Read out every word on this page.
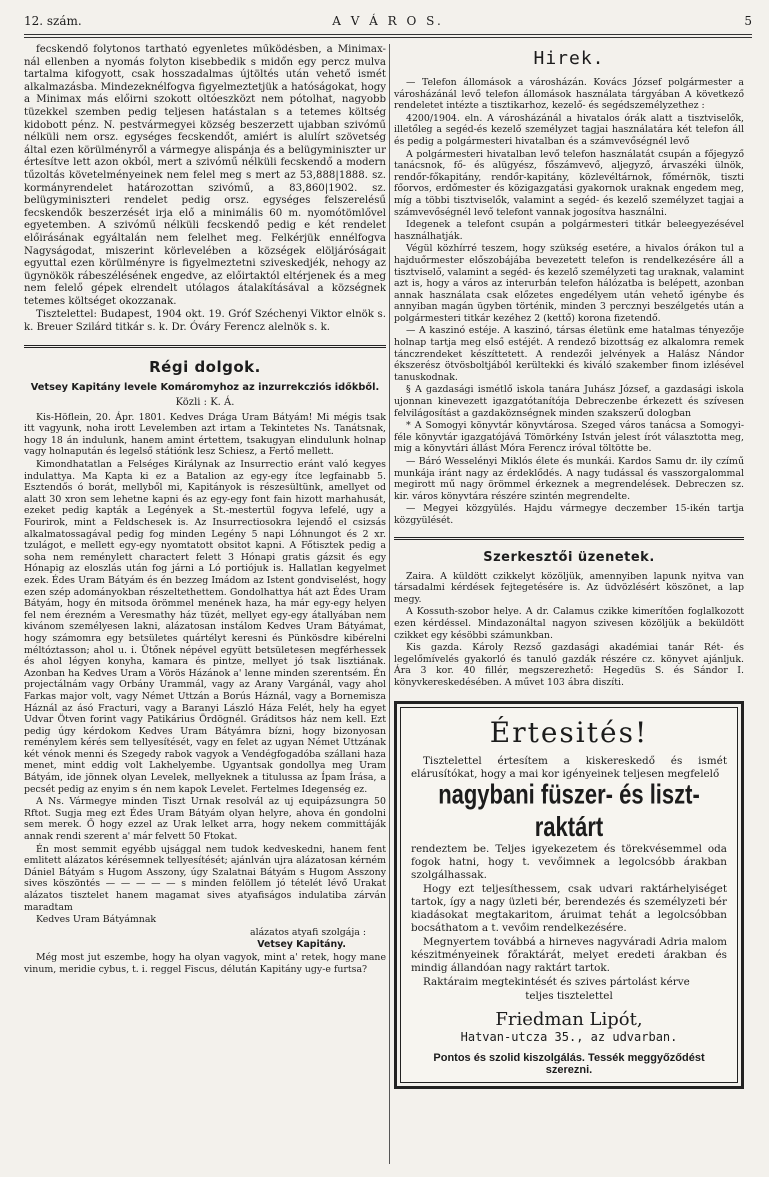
12. szám.	A V Á R O S.	5

fecskendő folytonos tartható egyenletes működésben, a Minimax-nál ellenben a nyomás folyton kisebbedik s midőn egy percz mulva tartalma kifogyott, csak hosszadalmas újtöltés után vehető ismét alkalmazásba. Mindezeknélfogva figyelmeztetjük a hatóságokat, hogy a Minimax más előirni szokott oltóeszközt nem pótolhat, nagyobb tüzekkel szemben pedig teljesen hatástalan s a tetemes költség kidobott pénz. N. pestvármegyei község beszerzett ujabban szivómű nélküli nem orsz. egységes fecskendőt, amiért is alulírt szövetség által ezen körülményről a vármegye alispánja és a belügyminiszter ur értesítve lett azon okból, mert a szivómű nélküli fecskendő a modern tűzoltás követelményeinek nem felel meg s mert az 53,888|1888. sz. kormányrendelet határozottan szivómű, a 83,860|1902. sz. belügyminiszteri rendelet pedig orsz. egységes felszerelésű fecskendők beszerzését irja elő a minimális 60 m. nyomótömlővel egyetemben. A szivómű nélküli fecskendő pedig e két rendelet előirásának egyáltalán nem felelhet meg. Felkérjük ennélfogva Nagyságodat, miszerint körlevelében a községek elöljáróságait egyuttal ezen körülményre is figyelmeztetni sziveskedjék, nehogy az ügynökök rábeszélésének engedve, az előirtaktól eltérjenek és a meg nem felelő gépek elrendelt utólagos átalakításával a községnek tetemes költséget okozzanak.

Tisztelettel: Budapest, 1904 okt. 19. Gróf Széchenyi Viktor elnök s. k. Breuer Szilárd titkár s. k. Dr. Óváry Ferencz alelnök s. k.

Régi dolgok.
Vetsey Kapitány levele Komáromyhoz az inzurrekcziós időkből.
Közli : K. Á.

Kis-Höflein, 20. Ápr. 1801. Kedves Drága Uram Bátyám! Mi mégis tsak itt vagyunk, noha irott Levelemben azt irtam a Tekintetes Ns. Tanátsnak, hogy 18 án indulunk, hanem amint értettem, tsakugyan elindulunk holnap vagy holnapután és legelső státiónk lesz Schiesz, a Fertő mellett.

Kimondhatatlan a Felséges Királynak az Insurrectio eránt való kegyes indulattya. Ma Kapta ki ez a Batalion az egy-egy ítce legfainabb 5. Esztendős ó borát, mellyből mi, Kapitányok is részesültünk, amellyet od alatt 30 xron sem lehetne kapni és az egy-egy font fain hizott marhahusát, ezeket pedig kapták a Legények a St.-mestertül fogyva lefelé, ugy a Fourirok, mint a Feldschesek is. Az Insurrectiosokra lejendő el csizsás alkalmatossagával pedig fog minden Legény 5 napi Lóhnungot és 2 xr. tzulágot, e mellett egy-egy nyomtatott obsitot kapni. A Főtisztek pedig a soha nem reménylett charactert felett 3 Hónapi gratis gázsit és egy Hónapig az eloszlás után fog járni a Ló portiójuk is. Hallatlan kegyelmet ezek. Édes Uram Bátyám és én bezzeg Imádom az Istent gondviselést, hogy ezen szép adományokban részeltethettem. Gondolhattya hát azt Édes Uram Bátyám, hogy én mitsoda örömmel menének haza, ha már egy-egy helyen fel nem érezném a Veresmathy ház tüzét, mellyet egy-egy átallyában nem kivánom személyesen lakni, alázatosan instálom Kedves Uram Bátyámat, hogy számomra egy betsületes quártélyt keresni és Pünkösdre kibérelni méltóztasson; ahol u. i. Ütőnek népével együtt betsületesen megférhessek és ahol légyen konyha, kamara és pintze, mellyet jó tsak lisztiának. Azonban ha Kedves Uram a Vörös Házánok a' lenne minden szerentsém. Én projectálnám vagy Orbány Urammál, vagy az Arany Vargánál, vagy ahol Farkas major volt, vagy Német Uttzán a Borús Háznál, vagy a Bornemisza Háznál az ásó Fracturi, vagy a Baranyi László Háza Felét, hely ha egyet Udvar Ötven forint vagy Patikárius Ördögnél. Gráditsos ház nem kell. Ezt pedig úgy kérdokom Kedves Uram Bátyámra bízni, hogy bizonyosan reménylem kérés sem tellyesítését, vagy en felet az ugyan Német Uttzának két vénok menni és Szegedy rabok vagyok a Vendégfogadóba szállani haza menet, mint eddig volt Lakhelyembe. Ugyantsak gondollya meg Uram Bátyám, ide jönnek olyan Levelek, mellyeknek a titulussa az Ípam Írása, a pecsét pedig az enyim s én nem kapok Levelet. Fertelmes Idegenség ez.

A Ns. Vármegye minden Tiszt Urnak resolvál az uj equipázsungra 50 Rftot. Sugja meg ezt Édes Uram Bátyám olyan helyre, ahova én gondolni sem merek. Ő hogy ezzel az Urak lelket arra, hogy nekem committáják annak rendi szerent a' már felvett 50 Ftokat.

Én most semmit egyébb ujsággal nem tudok kedveskedni, hanem fent emlitett alázatos kérésemnek tellyesítését; ajánlván ujra alázatosan kérném Dániel Bátyám s Hugom Asszony, úgy Szalatnai Bátyám s Hugom Asszony sives köszöntés — — — — — s minden felöllem jó tételét lévő Urakat alázatos tisztelet hanem magamat sives atyafiságos indulatiba zárván maradtam

Kedves Uram Bátyámnak

alázatos atyafi szolgája :

Vetsey Kapitány.

Még most jut eszembe, hogy ha olyan vagyok, mint a' retek, hogy mane vinum, meridie cybus, t. i. reggel Fiscus, délután Kapitány ugy-e furtsa?

Hirek.

— Telefon állomások a városházán. Kovács József polgármester a városházánál levő telefon állomások használata tárgyában A következő rendeletet intézte a tisztikarhoz, kezelő- és segédszemélyzethez :

4200/1904. eln. A városházánál a hivatalos órák alatt a tisztviselők, illetőleg a segéd-és kezelő személyzet tagjai használatára két telefon áll és pedig a polgármesteri hivatalban és a számvevőségnél levő

A polgármesteri hivatalban levő telefon használatát csupán a főjegyző tanácsnok, fő- és alügyész, főszámvevő, aljegyző, árvaszéki ülnök, rendőr-főkapitány, rendőr-kapitány, közlevéltárnok, főmérnök, tiszti főorvos, erdőmester és közigazgatási gyakornok uraknak engedem meg, míg a többi tisztviselők, valamint a segéd- és kezelő személyzet tagjai a számvevőségnél levő telefont vannak jogosítva használni.

Idegenek a telefont csupán a polgármesteri titkár beleegyezésével használhatják.

Végül közhírré teszem, hogy szükség esetére, a hivalos órákon tul a hajduőrmester előszobájába bevezetett telefon is rendelkezésére áll a tisztviselő, valamint a segéd- és kezelő személyzeti tag uraknak, valamint azt is, hogy a város az interurbán telefon hálózatba is belépett, azonban annak használata csak előzetes engedélyem után vehető igénybe és annyiban magán ügyben történik, minden 3 percznyi beszélgetés után a polgármesteri titkár kezéhez 2 (kettő) korona fizetendő.

— A kaszinó estéje. A kaszinó, társas életünk eme hatalmas tényezője holnap tartja meg első estéjét. A rendező bizottság ez alkalomra remek tánczrendeket készíttetett. A rendezői jelvények a Halász Nándor ékszerész ötvösboltjából kerültekki és kiváló szakember finom izlésével tanuskodnak.

§ A gazdasági ismétlő iskola tanára Juhász József, a gazdasági iskola ujonnan kinevezett igazgatótanítója Debreczenbe érkezett és szívesen felvilágosítást a gazdaköznségnek minden szakszerű dologban

* A Somogyi könyvtár könyvtárosa. Szeged város tanácsa a Somogyi-féle könyvtár igazgatójává Tömörkény István jelest írót választotta meg, mig a könyvtári állást Móra Ferencz iróval töltötte be.

— Báró Wesselényi Miklós élete és munkái. Kardos Samu dr. ily czímű munkája iránt nagy az érdeklődés. A nagy tudással és vasszorgalommal megirott mű nagy örömmel érkeznek a megrendelések. Debreczen sz. kir. város könyvtára részére szintén megrendelte.

— Megyei közgyülés. Hajdu vármegye deczember 15-ikén tartja közgyülését.

Szerkesztői üzenetek.

Zaira. A küldött czikkelyt közöljük, amennyiben lapunk nyitva van társadalmi kérdések fejtegetésére is. Az üdvözlésért köszönet, a lap megy.

A Kossuth-szobor helye. A dr. Calamus czikke kimerítően foglalkozott ezen kérdéssel. Mindazonáltal nagyon szivesen közöljük a beküldött czikket egy késöbbi számunkban.

Kis gazda. Károly Rezső gazdasági akadémiai tanár Rét- és legelőmívelés gyakorló és tanuló gazdák részére cz. könyvet ajánljuk. Ára 3 kor. 40 fillér, megszerezhető: Hegedüs S. és Sándor I. könyvkereskedésében. A művet 103 ábra diszíti.

Értesités!

Tisztelettel értesítem a kiskereskedő és ismét elárusítókat, hogy a mai kor igényeinek teljesen megfelelő

nagybani füszer- és liszt-raktárt

rendeztem be. Teljes igyekezetem és törekvésemmel oda fogok hatni, hogy t. vevőimnek a legolcsóbb árakban szolgálhassak.

Hogy ezt teljesíthessem, csak udvari raktárhelyiséget tartok, így a nagy üzleti bér, berendezés és személyzeti bér kiadásokat megtakaritom, áruimat tehát a legolcsóbban bocsáthatom a t. vevőim rendelkezésére.

Megnyertem továbbá a hirneves nagyváradi Adria malom készitményeinek főraktárát, melyet eredeti árakban és mindig állandóan nagy raktárt tartok.

Raktáraim megtekintését és szives pártolást kérve

teljes tisztelettel

Friedman Lipót,
Hatvan-utcza 35., az udvarban.
Pontos és szolid kiszolgálás. Tessék meggyőződést szerezni.
